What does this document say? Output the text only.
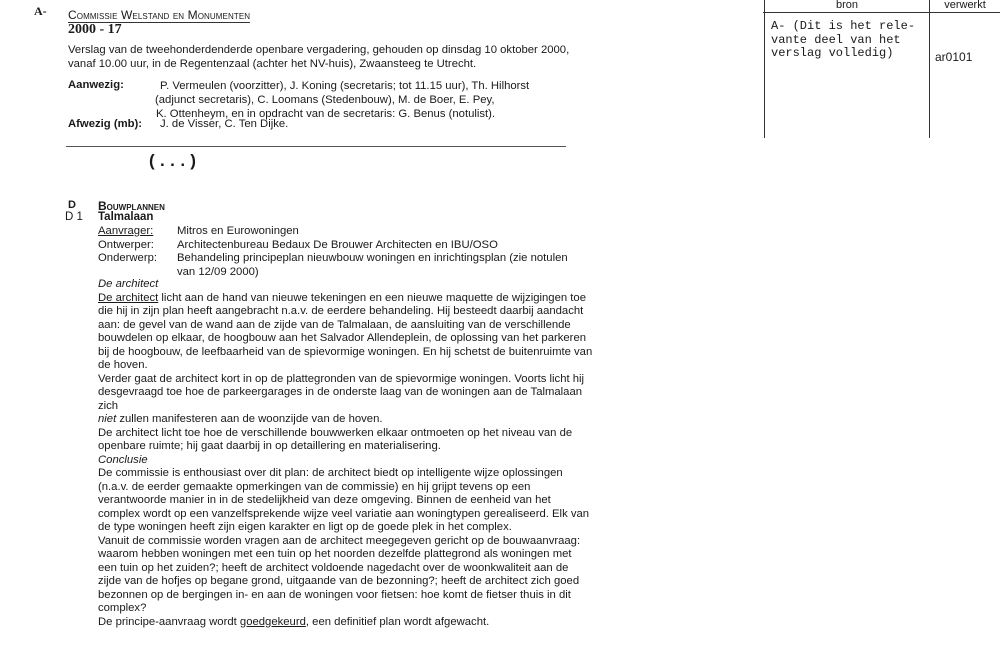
A- Commissie Welstand en Monumenten
2000 - 17
Verslag van de tweehonderdenderde openbare vergadering, gehouden op dinsdag 10 oktober 2000,
vanaf 10.00 uur, in de Regentenzaal (achter het NV-huis), Zwaansteeg te Utrecht.
Aanwezig:	P. Vermeulen (voorzitter), J. Koning (secretaris; tot 11.15 uur), Th. Hilhorst
(adjunct secretaris), C. Loomans (Stedenbouw), M. de Boer, E. Pey,
K. Ottenheym, en in opdracht van de secretaris: G. Benus (notulist).
Afwezig (mb): J. de Visser, C. Ten Dijke.
(...)
D Bouwplannen
D 1 Talmalaan
Aanvrager: Mitros en Eurowoningen
Ontwerper: Architectenbureau Bedaux De Brouwer Architecten en IBU/OSO
Onderwerp: Behandeling principeplan nieuwbouw woningen en inrichtingsplan (zie notulen van 12/09 2000)

De architect

De architect licht aan de hand van nieuwe tekeningen en een nieuwe maquette de wijzigingen toe die hij in zijn plan heeft aangebracht n.a.v. de eerdere behandeling. Hij besteedt daarbij aandacht aan: de gevel van de wand aan de zijde van de Talmalaan, de aansluiting van de verschillende bouwdelen op elkaar, de hoogbouw aan het Salvador Allendeplein, de oplossing van het parkeren bij de hoogbouw, de leefbaarheid van de spievormige woningen. En hij schetst de buitenruimte van de hoven.

Verder gaat de architect kort in op de plattegronden van de spievormige woningen. Voorts licht hij desgevraagd toe hoe de parkeergarages in de onderste laag van de woningen aan de Talmalaan zich
niet zullen manifesteren aan de woonzijde van de hoven.

De architect licht toe hoe de verschillende bouwwerken elkaar ontmoeten op het niveau van de openbare ruimte; hij gaat daarbij in op detaillering en materialisering.

Conclusie

De commissie is enthousiast over dit plan: de architect biedt op intelligente wijze oplossingen (n.a.v. de eerder gemaakte opmerkingen van de commissie) en hij grijpt tevens op een verantwoorde manier in in de stedelijkheid van deze omgeving. Binnen de eenheid van het complex wordt op een vanzelfsprekende wijze veel variatie aan woningtypen gerealiseerd. Elk van de type woningen heeft zijn eigen karakter en ligt op de goede plek in het complex.

Vanuit de commissie worden vragen aan de architect meegegeven gericht op de bouwaanvraag: waarom hebben woningen met een tuin op het noorden dezelfde plattegrond als woningen met een tuin op het zuiden?; heeft de architect voldoende nagedacht over de woonkwaliteit aan de zijde van de hofjes op begane grond, uitgaande van de bezonning?; heeft de architect zich goed bezonnen op de bergingen in- en aan de woningen voor fietsen: hoe komt de fietser thuis in dit complex?

De principe-aanvraag wordt goedgekeurd, een definitief plan wordt afgewacht.

bron	verwerkt
A- (Dit is het rele-
vante deel van het
verslag volledig)	ar0101
